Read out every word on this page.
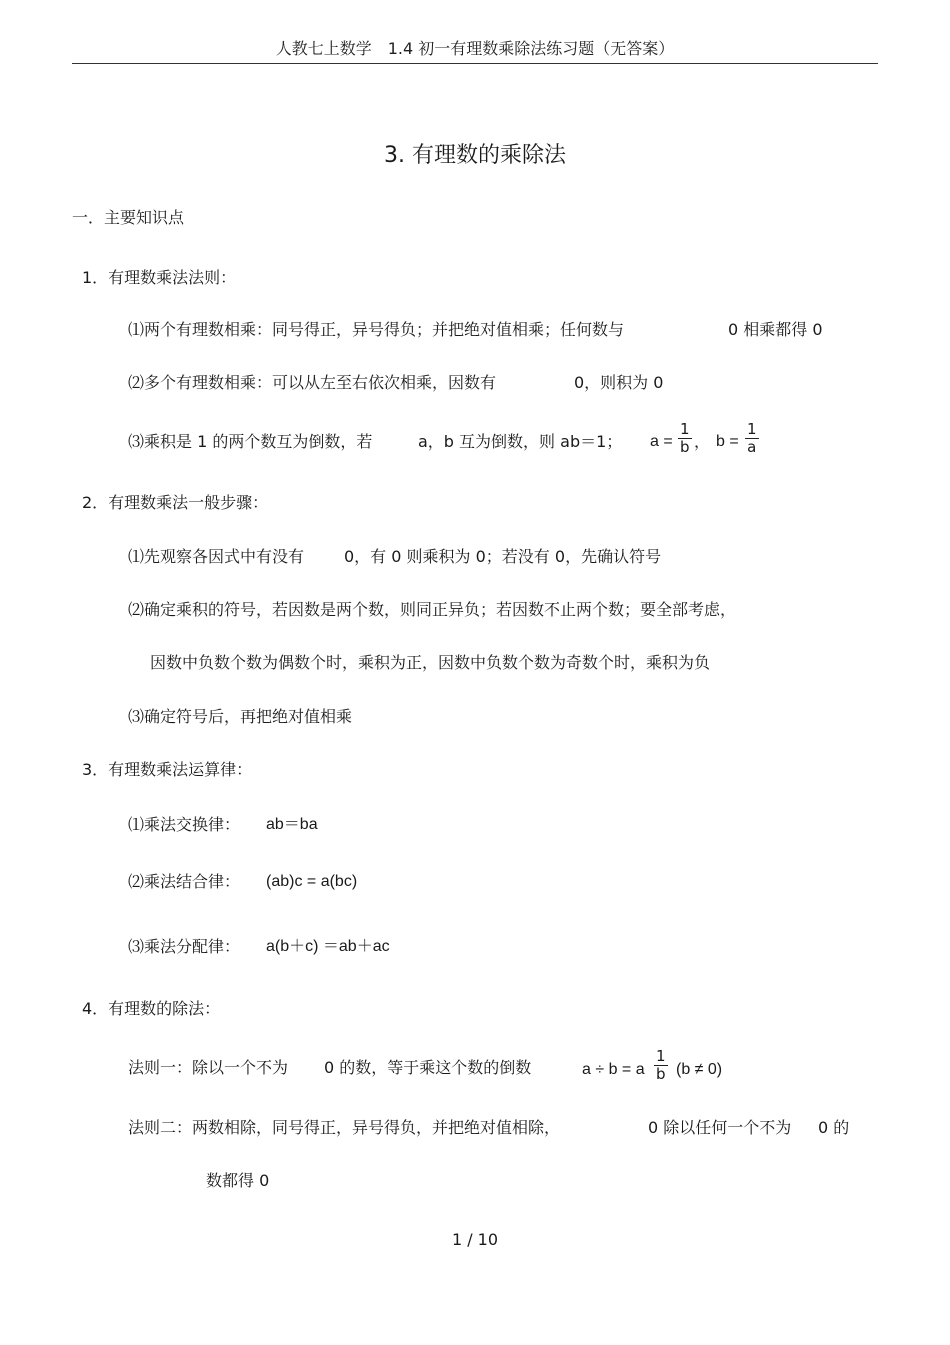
人教七上数学　1.4 初一有理数乘除法练习题（无答案）
3. 有理数的乘除法
一．主要知识点
1．有理数乘法法则：
⑴两个有理数相乘：同号得正，异号得负；并把绝对值相乘；任何数与	0 相乘都得 0
⑵多个有理数相乘：可以从左至右依次相乘，因数有	0，则积为 0
⑶乘积是 1 的两个数互为倒数，若	a，b 互为倒数，则 ab＝1； $a = \frac{1}{b}$ ， $b = \frac{1}{a}$
2．有理数乘法一般步骤：
⑴先观察各因式中有没有 0，有 0 则乘积为 0；若没有 0，先确认符号
⑵确定乘积的符号，若因数是两个数，则同正异负；若因数不止两个数；要全部考虑，
因数中负数个数为偶数个时，乘积为正，因数中负数个数为奇数个时，乘积为负
⑶确定符号后，再把绝对值相乘
3．有理数乘法运算律：
⑴乘法交换律： ab＝ba
⑵乘法结合律： (ab)c = a(bc)
⑶乘法分配律： a(b＋c) ＝ab＋ac
4．有理数的除法：
法则一：除以一个不为 0 的数，等于乘这个数的倒数	a ÷ b = a $\frac{1}{b} (b \ne 0)$
法则二：两数相除，同号得正，异号得负，并把绝对值相除，	0 除以任何一个不为 0 的
数都得 0
1 / 10
